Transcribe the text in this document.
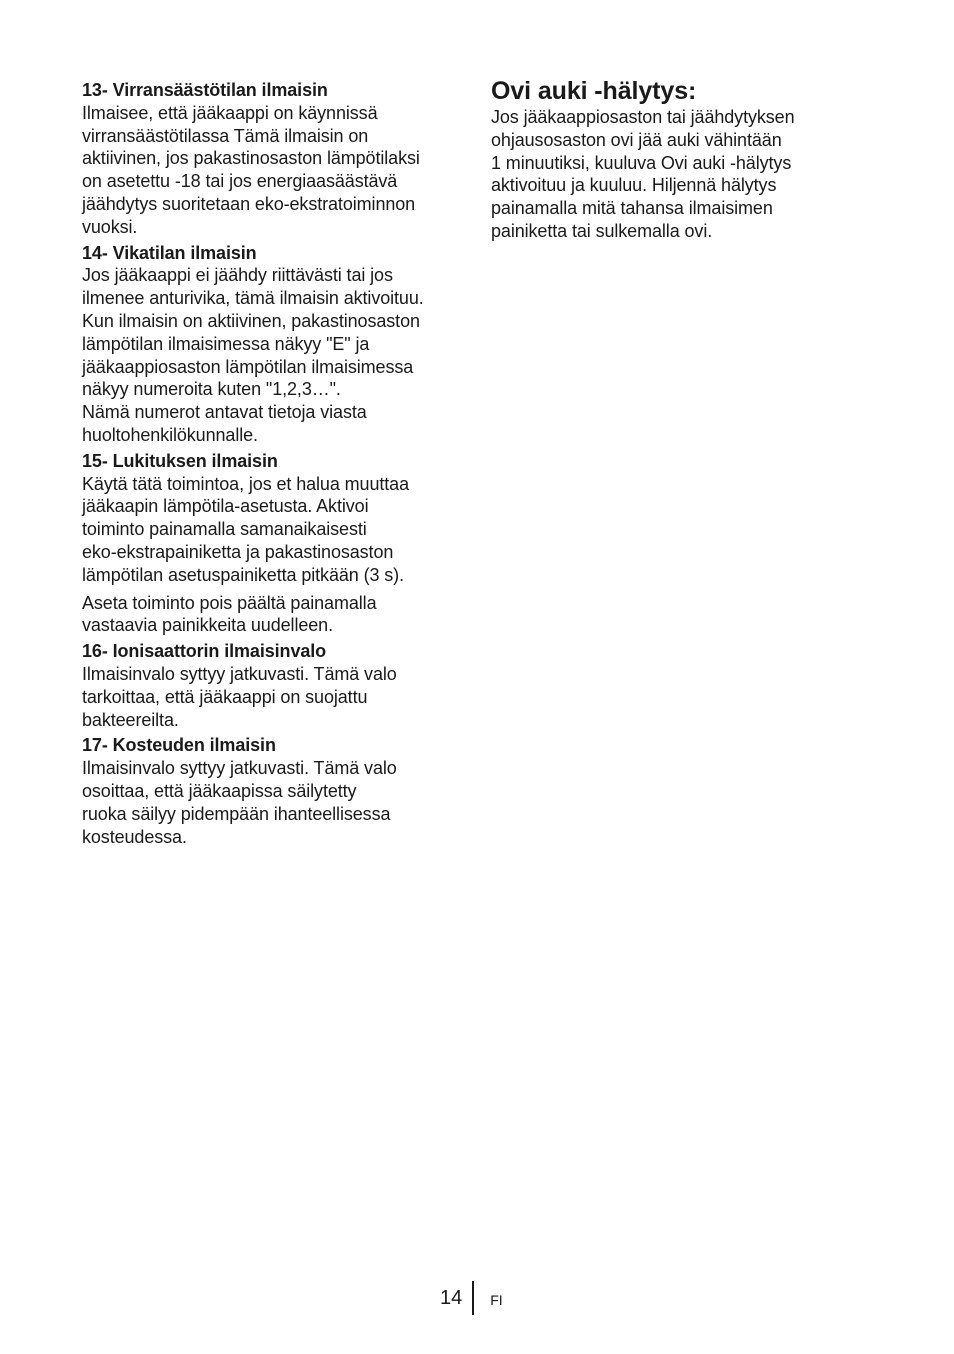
13- Virransäästötilan ilmaisin

Ilmaisee, että jääkaappi on käynnissä
virransäästötilassa Tämä ilmaisin on
aktiivinen, jos pakastinosaston lämpötilaksi
on asetettu -18 tai jos energiaasäästävä
jäähdytys suoritetaan eko-ekstratoiminnon
vuoksi.

14- Vikatilan ilmaisin

Jos jääkaappi ei jäähdy riittävästi tai jos
ilmenee anturivika, tämä ilmaisin aktivoituu.
Kun ilmaisin on aktiivinen, pakastinosaston
lämpötilan ilmaisimessa näkyy "E" ja
jääkaappiosaston lämpötilan ilmaisimessa
näkyy numeroita kuten "1,2,3…".
Nämä numerot antavat tietoja viasta
huoltohenkilökunnalle.

15- Lukituksen ilmaisin

Käytä tätä toimintoa, jos et halua muuttaa
jääkaapin lämpötila-asetusta. Aktivoi
toiminto painamalla samanaikaisesti
eko-ekstrapainiketta ja pakastinosaston
lämpötilan asetuspainiketta pitkään (3 s).

Aseta toiminto pois päältä painamalla
vastaavia painikkeita uudelleen.

16- Ionisaattorin ilmaisinvalo

Ilmaisinvalo syttyy jatkuvasti. Tämä valo
tarkoittaa, että jääkaappi on suojattu
bakteereilta.

17- Kosteuden ilmaisin

Ilmaisinvalo syttyy jatkuvasti. Tämä valo
osoittaa, että jääkaapissa säilytetty
ruoka säilyy pidempään ihanteellisessa
kosteudessa.

Ovi auki -hälytys:

Jos jääkaappiosaston tai jäähdytyksen
ohjausosaston ovi jää auki vähintään
1 minuutiksi, kuuluva Ovi auki -hälytys
aktivoituu ja kuuluu. Hiljennä hälytys
painamalla mitä tahansa ilmaisimen
painiketta tai sulkemalla ovi.

14 FI
